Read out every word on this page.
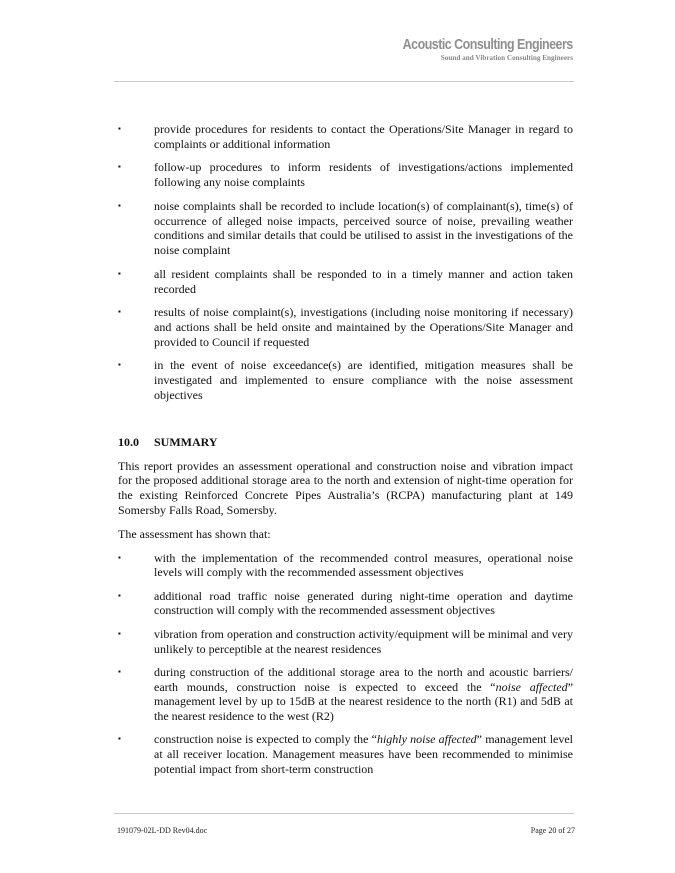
Acoustic Consulting Engineers
Sound and Vibration Consulting Engineers
▪	provide procedures for residents to contact the Operations/Site Manager in regard to complaints or additional information
▪	follow-up procedures to inform residents of investigations/actions implemented following any noise complaints
▪	noise complaints shall be recorded to include location(s) of complainant(s), time(s) of occurrence of alleged noise impacts, perceived source of noise, prevailing weather conditions and similar details that could be utilised to assist in the investigations of the noise complaint
▪	all resident complaints shall be responded to in a timely manner and action taken recorded
▪	results of noise complaint(s), investigations (including noise monitoring if necessary) and actions shall be held onsite and maintained by the Operations/Site Manager and provided to Council if requested
▪	in the event of noise exceedance(s) are identified, mitigation measures shall be investigated and implemented to ensure compliance with the noise assessment objectives
10.0 SUMMARY
This report provides an assessment operational and construction noise and vibration impact for the proposed additional storage area to the north and extension of night-time operation for the existing Reinforced Concrete Pipes Australia’s (RCPA) manufacturing plant at 149 Somersby Falls Road, Somersby.
The assessment has shown that:
▪	with the implementation of the recommended control measures, operational noise levels will comply with the recommended assessment objectives
▪	additional road traffic noise generated during night-time operation and daytime construction will comply with the recommended assessment objectives
▪	vibration from operation and construction activity/equipment will be minimal and very unlikely to perceptible at the nearest residences
▪	during construction of the additional storage area to the north and acoustic barriers/ earth mounds, construction noise is expected to exceed the “noise affected” management level by up to 15dB at the nearest residence to the north (R1) and 5dB at the nearest residence to the west (R2)
▪	construction noise is expected to comply the “highly noise affected” management level at all receiver location. Management measures have been recommended to minimise potential impact from short-term construction
191079-02L-DD Rev04.doc	Page 20 of 27
